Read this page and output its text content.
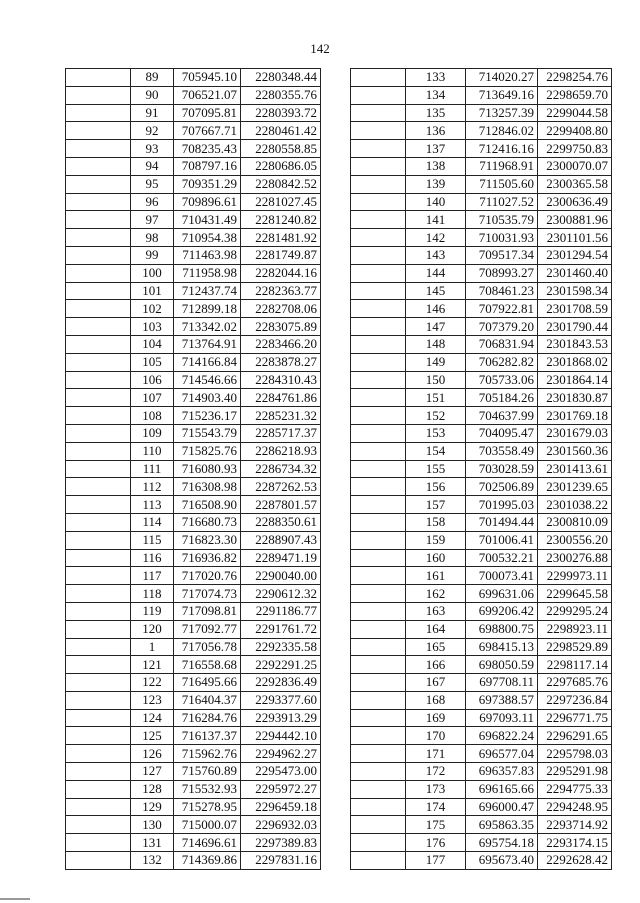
142
	89	705945.10	2280348.44
	90	706521.07	2280355.76
	91	707095.81	2280393.72
	92	707667.71	2280461.42
	93	708235.43	2280558.85
	94	708797.16	2280686.05
	95	709351.29	2280842.52
	96	709896.61	2281027.45
	97	710431.49	2281240.82
	98	710954.38	2281481.92
	99	711463.98	2281749.87
	100	711958.98	2282044.16
	101	712437.74	2282363.77
	102	712899.18	2282708.06
	103	713342.02	2283075.89
	104	713764.91	2283466.20
	105	714166.84	2283878.27
	106	714546.66	2284310.43
	107	714903.40	2284761.86
	108	715236.17	2285231.32
	109	715543.79	2285717.37
	110	715825.76	2286218.93
	111	716080.93	2286734.32
	112	716308.98	2287262.53
	113	716508.90	2287801.57
	114	716680.73	2288350.61
	115	716823.30	2288907.43
	116	716936.82	2289471.19
	117	717020.76	2290040.00
	118	717074.73	2290612.32
	119	717098.81	2291186.77
	120	717092.77	2291761.72
	1	717056.78	2292335.58
	121	716558.68	2292291.25
	122	716495.66	2292836.49
	123	716404.37	2293377.60
	124	716284.76	2293913.29
	125	716137.37	2294442.10
	126	715962.76	2294962.27
	127	715760.89	2295473.00
	128	715532.93	2295972.27
	129	715278.95	2296459.18
	130	715000.07	2296932.03
	131	714696.61	2297389.83
	132	714369.86	2297831.16
	133	714020.27	2298254.76
	134	713649.16	2298659.70
	135	713257.39	2299044.58
	136	712846.02	2299408.80
	137	712416.16	2299750.83
	138	711968.91	2300070.07
	139	711505.60	2300365.58
	140	711027.52	2300636.49
	141	710535.79	2300881.96
	142	710031.93	2301101.56
	143	709517.34	2301294.54
	144	708993.27	2301460.40
	145	708461.23	2301598.34
	146	707922.81	2301708.59
	147	707379.20	2301790.44
	148	706831.94	2301843.53
	149	706282.82	2301868.02
	150	705733.06	2301864.14
	151	705184.26	2301830.87
	152	704637.99	2301769.18
	153	704095.47	2301679.03
	154	703558.49	2301560.36
	155	703028.59	2301413.61
	156	702506.89	2301239.65
	157	701995.03	2301038.22
	158	701494.44	2300810.09
	159	701006.41	2300556.20
	160	700532.21	2300276.88
	161	700073.41	2299973.11
	162	699631.06	2299645.58
	163	699206.42	2299295.24
	164	698800.75	2298923.11
	165	698415.13	2298529.89
	166	698050.59	2298117.14
	167	697708.11	2297685.76
	168	697388.57	2297236.84
	169	697093.11	2296771.75
	170	696822.24	2296291.65
	171	696577.04	2295798.03
	172	696357.83	2295291.98
	173	696165.66	2294775.33
	174	696000.47	2294248.95
	175	695863.35	2293714.92
	176	695754.18	2293174.15
	177	695673.40	2292628.42
